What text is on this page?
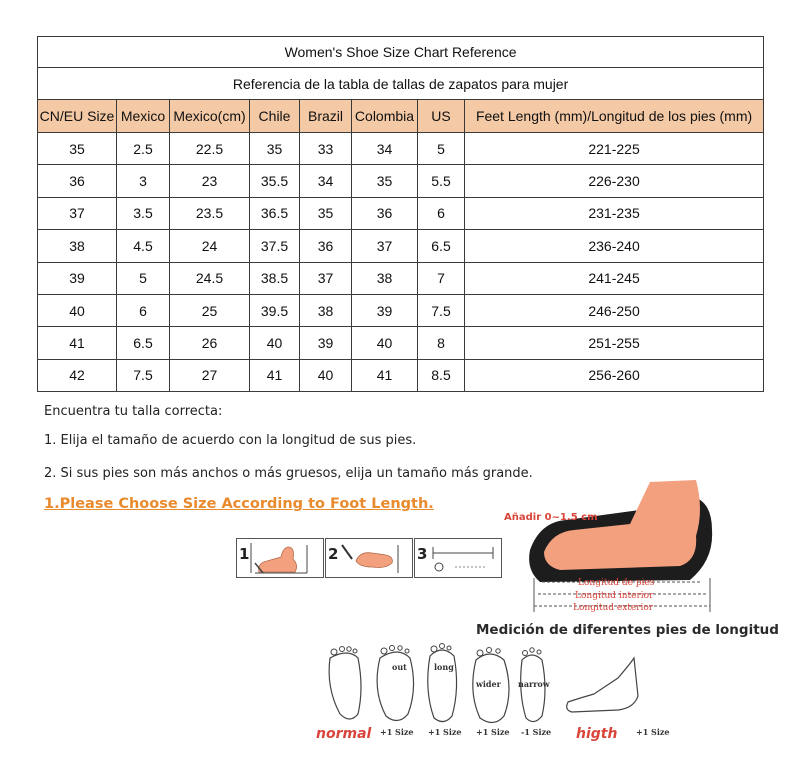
Women's Shoe Size Chart Reference							
Referencia de la tabla de tallas de zapatos para mujer							
CN/EU Size	Mexico	Mexico(cm)	Chile	Brazil	Colombia	US	Feet Length (mm)/Longitud de los pies (mm)
35	2.5	22.5	35	33	34	5	221-225
36	3	23	35.5	34	35	5.5	226-230
37	3.5	23.5	36.5	35	36	6	231-235
38	4.5	24	37.5	36	37	6.5	236-240
39	5	24.5	38.5	37	38	7	241-245
40	6	25	39.5	38	39	7.5	246-250
41	6.5	26	40	39	40	8	251-255
42	7.5	27	41	40	41	8.5	256-260
Encuentra tu talla correcta:
1. Elija el tamaño de acuerdo con la longitud de sus pies.
2. Si sus pies son más anchos o más gruesos, elija un tamaño más grande.
1.Please Choose Size According to Foot Length.
1	2	3
Añadir 0~1.5 cm
Longitud de pies
Longitud interior
Longitud exterior
Medición de diferentes pies de longitud
out	long
wider narrow
normal +1 Size +1 Size +1 Size -1 Size higth +1 Size
